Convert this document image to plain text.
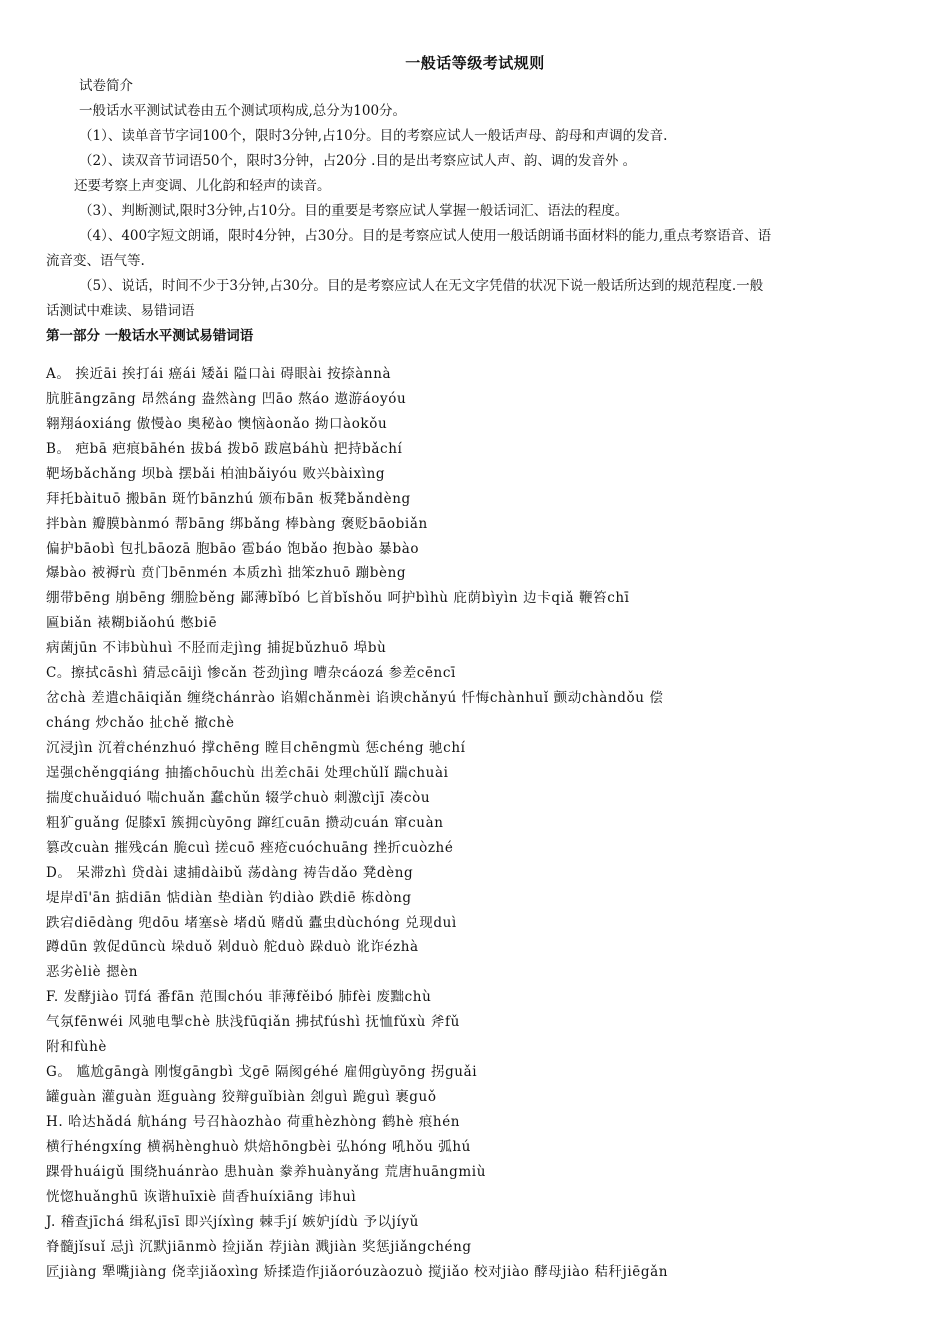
一般话等级考试规则
试卷简介
一般话水平测试试卷由五个测试项构成,总分为100分。
（1）、读单音节字词100个，限时3分钟,占10分。目的考察应试人一般话声母、韵母和声调的发音.
（2）、读双音节词语50个，限时3分钟，占20分 .目的是出考察应试人声、韵、调的发音外 。
还要考察上声变调、儿化韵和轻声的读音。
（3）、判断测试,限时3分钟,占10分。目的重要是考察应试人掌握一般话词汇、语法的程度。
（4）、400字短文朗诵，限时4分钟，占30分。目的是考察应试人使用一般话朗诵书面材料的能力,重点考察语音、语
流音变、语气等.
（5）、说话，时间不少于3分钟,占30分。目的是考察应试人在无文字凭借的状况下说一般话所达到的规范程度.一般
话测试中难读、易错词语
第一部分 一般话水平测试易错词语
A。 挨近āi 挨打ái 癌ái 矮ǎi 隘口ài 碍眼ài 按捺ànnà
肮脏āngzāng 昂然áng 盎然àng 凹āo 熬áo 遨游áoyóu
翱翔áoxiáng 傲慢ào 奥秘ào 懊恼àonǎo 拗口àokǒu
B。 疤bā 疤痕bāhén 拔bá 拨bō 跋扈báhù 把持bǎchí
靶场bǎchǎng 坝bà 摆bǎi 柏油bǎiyóu 败兴bàixìng
拜托bàituō 搬bān 斑竹bānzhú 颁布bān 板凳bǎndèng
拌bàn 瓣膜bànmó 帮bāng 绑bǎng 棒bàng 褒贬bāobiǎn
偏护bāobì 包扎bāozā 胞bāo 雹báo 饱bǎo 抱bào 暴bào
爆bào 被褥rù 贲门bēnmén 本质zhì 拙笨zhuō 蹦bèng
绷带bēng 崩bēng 绷脸běng 鄙薄bǐbó 匕首bǐshǒu 呵护bìhù 庇荫bìyìn 边卡qiǎ 鞭笞chī
匾biǎn 裱糊biǎohú 憋biē
病菌jūn 不讳bùhuì 不胫而走jìng 捕捉bǔzhuō 埠bù
C。擦拭cāshì 猜忌cāijì 惨cǎn 苍劲jìng 嘈杂cáozá 参差cēncī
岔chà 差遣chāiqiǎn 缠绕chánrào 谄媚chǎnmèi 谄谀chǎnyú 忏悔chànhuǐ 颤动chàndǒu 偿
cháng 炒chǎo 扯chě 撤chè
沉浸jìn 沉着chénzhuó 撑chēng 瞠目chēngmù 惩chéng 驰chí
逞强chěngqiáng 抽搐chōuchù 出差chāi 处理chǔlǐ 踹chuài
揣度chuǎiduó 喘chuǎn 蠢chǔn 辍学chuò 刺激cìjī 凑còu
粗犷guǎng 促膝xī 簇拥cùyōng 蹿红cuān 攒动cuán 窜cuàn
篡改cuàn 摧残cán 脆cuì 搓cuō 痤疮cuóchuāng 挫折cuòzhé
D。 呆滞zhì 贷dài 逮捕dàibǔ 荡dàng 祷告dǎo 凳dèng
堤岸dī'ān 掂diān 惦diàn 垫diàn 钓diào 跌diē 栋dòng
跌宕diēdàng 兜dōu 堵塞sè 堵dǔ 赌dǔ 蠹虫dùchóng 兑现duì
蹲dūn 敦促dūncù 垛duǒ 剁duò 舵duò 跺duò 讹诈ézhà
恶劣èliè 摁èn
F. 发酵jiào 罚fá 番fān 范围chóu 菲薄fěibó 肺fèi 废黜chù
气氛fēnwéi 风驰电掣chè 肤浅fūqiǎn 拂拭fúshì 抚恤fǔxù 斧fǔ
附和fùhè
G。 尴尬gāngà 刚愎gāngbì 戈gē 隔阂géhé 雇佣gùyōng 拐guǎi
罐guàn 灌guàn 逛guàng 狡辩guǐbiàn 刽guì 跪guì 裹guǒ
H. 哈达hǎdá 航háng 号召hàozhào 荷重hèzhòng 鹤hè 痕hén
横行héngxíng 横祸hènghuò 烘焙hōngbèi 弘hóng 吼hǒu 弧hú
踝骨huáigǔ 围绕huánrào 患huàn 豢养huànyǎng 荒唐huāngmiù
恍惚huǎnghū 诙谐huīxiè 茴香huíxiāng 讳huì
J. 稽查jīchá 缉私jīsī 即兴jíxìng 棘手jí 嫉妒jídù 予以jíyǔ
脊髓jǐsuǐ 忌jì 沉默jiānmò 捡jiǎn 荐jiàn 溅jiàn 奖惩jiǎngchéng
匠jiàng 犟嘴jiàng 侥幸jiǎoxìng 矫揉造作jiǎoróuzàozuò 搅jiǎo 校对jiào 酵母jiào 秸秆jiēgǎn
